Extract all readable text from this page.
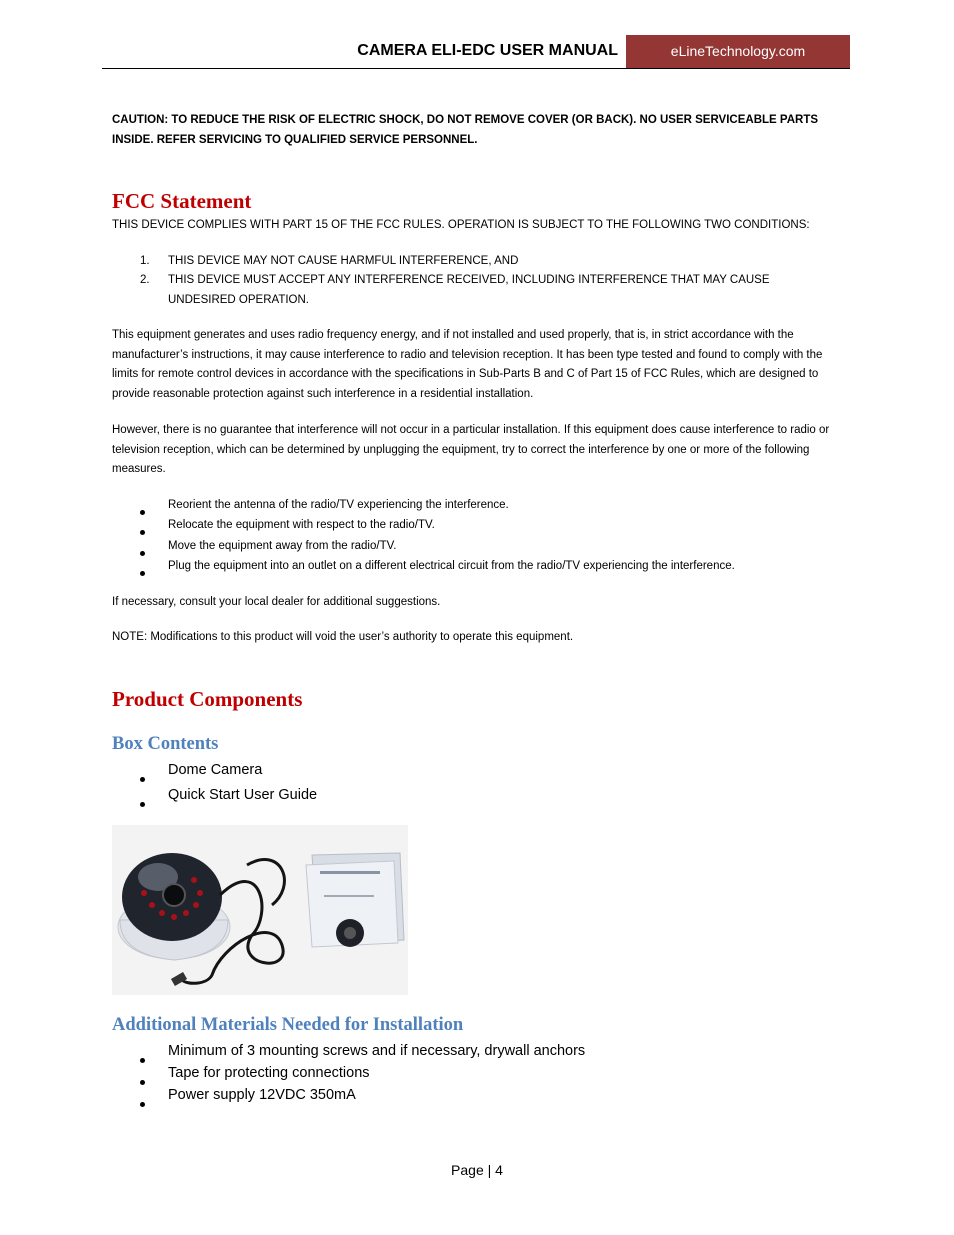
CAMERA ELI-EDC USER MANUAL	eLineTechnology.com
CAUTION: TO REDUCE THE RISK OF ELECTRIC SHOCK, DO NOT REMOVE COVER (OR BACK). NO USER SERVICEABLE PARTS INSIDE. REFER SERVICING TO QUALIFIED SERVICE PERSONNEL.
FCC Statement
THIS DEVICE COMPLIES WITH PART 15 OF THE FCC RULES. OPERATION IS SUBJECT TO THE FOLLOWING TWO CONDITIONS:
1. THIS DEVICE MAY NOT CAUSE HARMFUL INTERFERENCE, AND
2. THIS DEVICE MUST ACCEPT ANY INTERFERENCE RECEIVED, INCLUDING INTERFERENCE THAT MAY CAUSE UNDESIRED OPERATION.
This equipment generates and uses radio frequency energy, and if not installed and used properly, that is, in strict accordance with the manufacturer’s instructions, it may cause interference to radio and television reception. It has been type tested and found to comply with the limits for remote control devices in accordance with the specifications in Sub-Parts B and C of Part 15 of FCC Rules, which are designed to provide reasonable protection against such interference in a residential installation.
However, there is no guarantee that interference will not occur in a particular installation. If this equipment does cause interference to radio or television reception, which can be determined by unplugging the equipment, try to correct the interference by one or more of the following measures.
Reorient the antenna of the radio/TV experiencing the interference.
Relocate the equipment with respect to the radio/TV.
Move the equipment away from the radio/TV.
Plug the equipment into an outlet on a different electrical circuit from the radio/TV experiencing the interference.
If necessary, consult your local dealer for additional suggestions.
NOTE: Modifications to this product will void the user’s authority to operate this equipment.
Product Components
Box Contents
Dome Camera
Quick Start User Guide
Additional Materials Needed for Installation
Minimum of 3 mounting screws and if necessary, drywall anchors
Tape for protecting connections
Power supply 12VDC 350mA
Page | 4
